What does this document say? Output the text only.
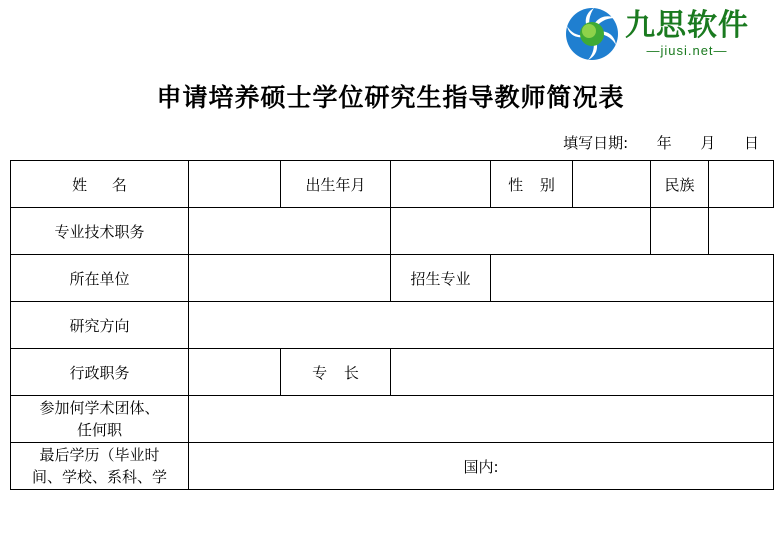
九思软件
—jiusi.net—
申请培养硕士学位研究生指导教师简况表
填写日期:      年      月      日
姓 名		出生年月		性 别		民族	
专业技术职务							
所在单位			招生专业				
研究方向							
行政职务		专 长					

参加何学术团体、
任何职							

最后学历（毕业时
间、学校、系科、学	国内:						
